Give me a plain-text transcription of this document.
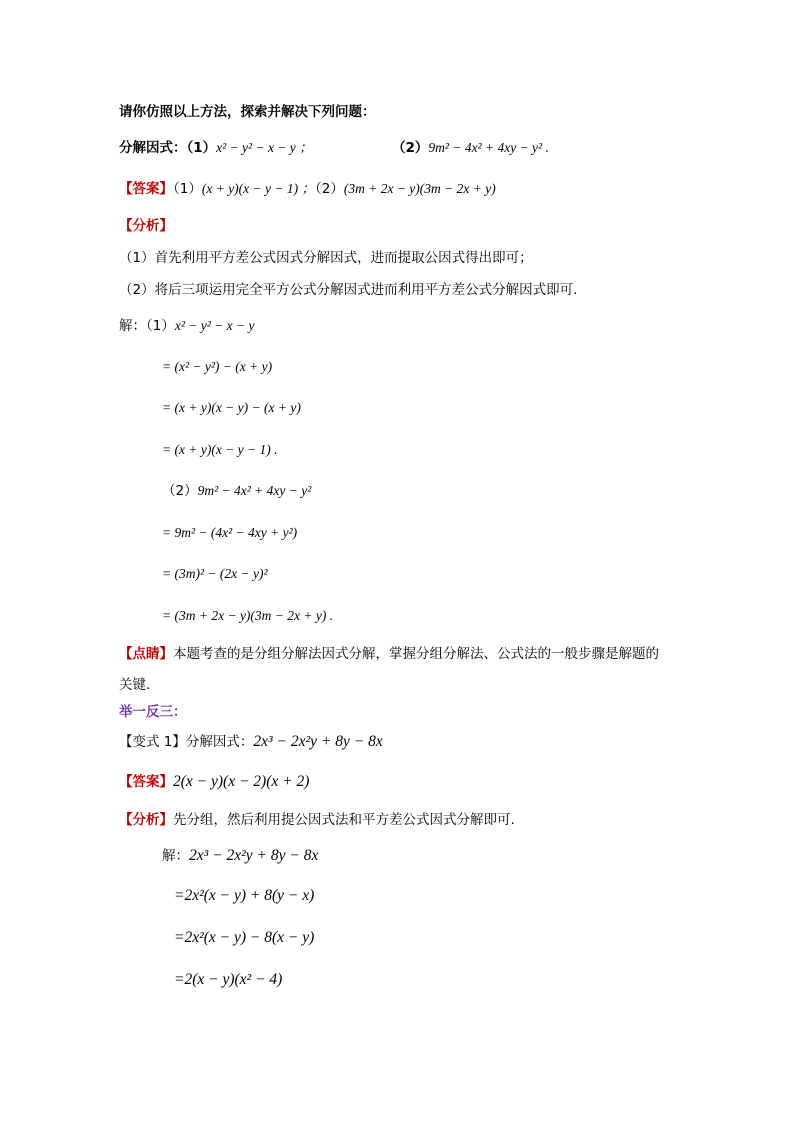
请你仿照以上方法，探索并解决下列问题：
分解因式：（1）x² − y² − x − y ；	（2）9m² − 4x² + 4xy − y² .
【答案】（1）(x + y)(x − y − 1) ；（2）(3m + 2x − y)(3m − 2x + y)
【分析】
（1）首先利用平方差公式因式分解因式，进而提取公因式得出即可；
（2）将后三项运用完全平方公式分解因式进而利用平方差公式分解因式即可.
解：（1）x² − y² − x − y
= (x² − y²) − (x + y)
= (x + y)(x − y) − (x + y)
= (x + y)(x − y − 1) .
（2）9m² − 4x² + 4xy − y²
= 9m² − (4x² − 4xy + y²)
= (3m)² − (2x − y)²
= (3m + 2x − y)(3m − 2x + y) .
【点睛】本题考查的是分组分解法因式分解，掌握分组分解法、公式法的一般步骤是解题的
关键.
举一反三：
【变式 1】分解因式：2x³ − 2x²y + 8y − 8x
【答案】2(x − y)(x − 2)(x + 2)
【分析】先分组，然后利用提公因式法和平方差公式因式分解即可.
解：2x³ − 2x²y + 8y − 8x
=2x²(x − y) + 8(y − x)
=2x²(x − y) − 8(x − y)
=2(x − y)(x² − 4)
